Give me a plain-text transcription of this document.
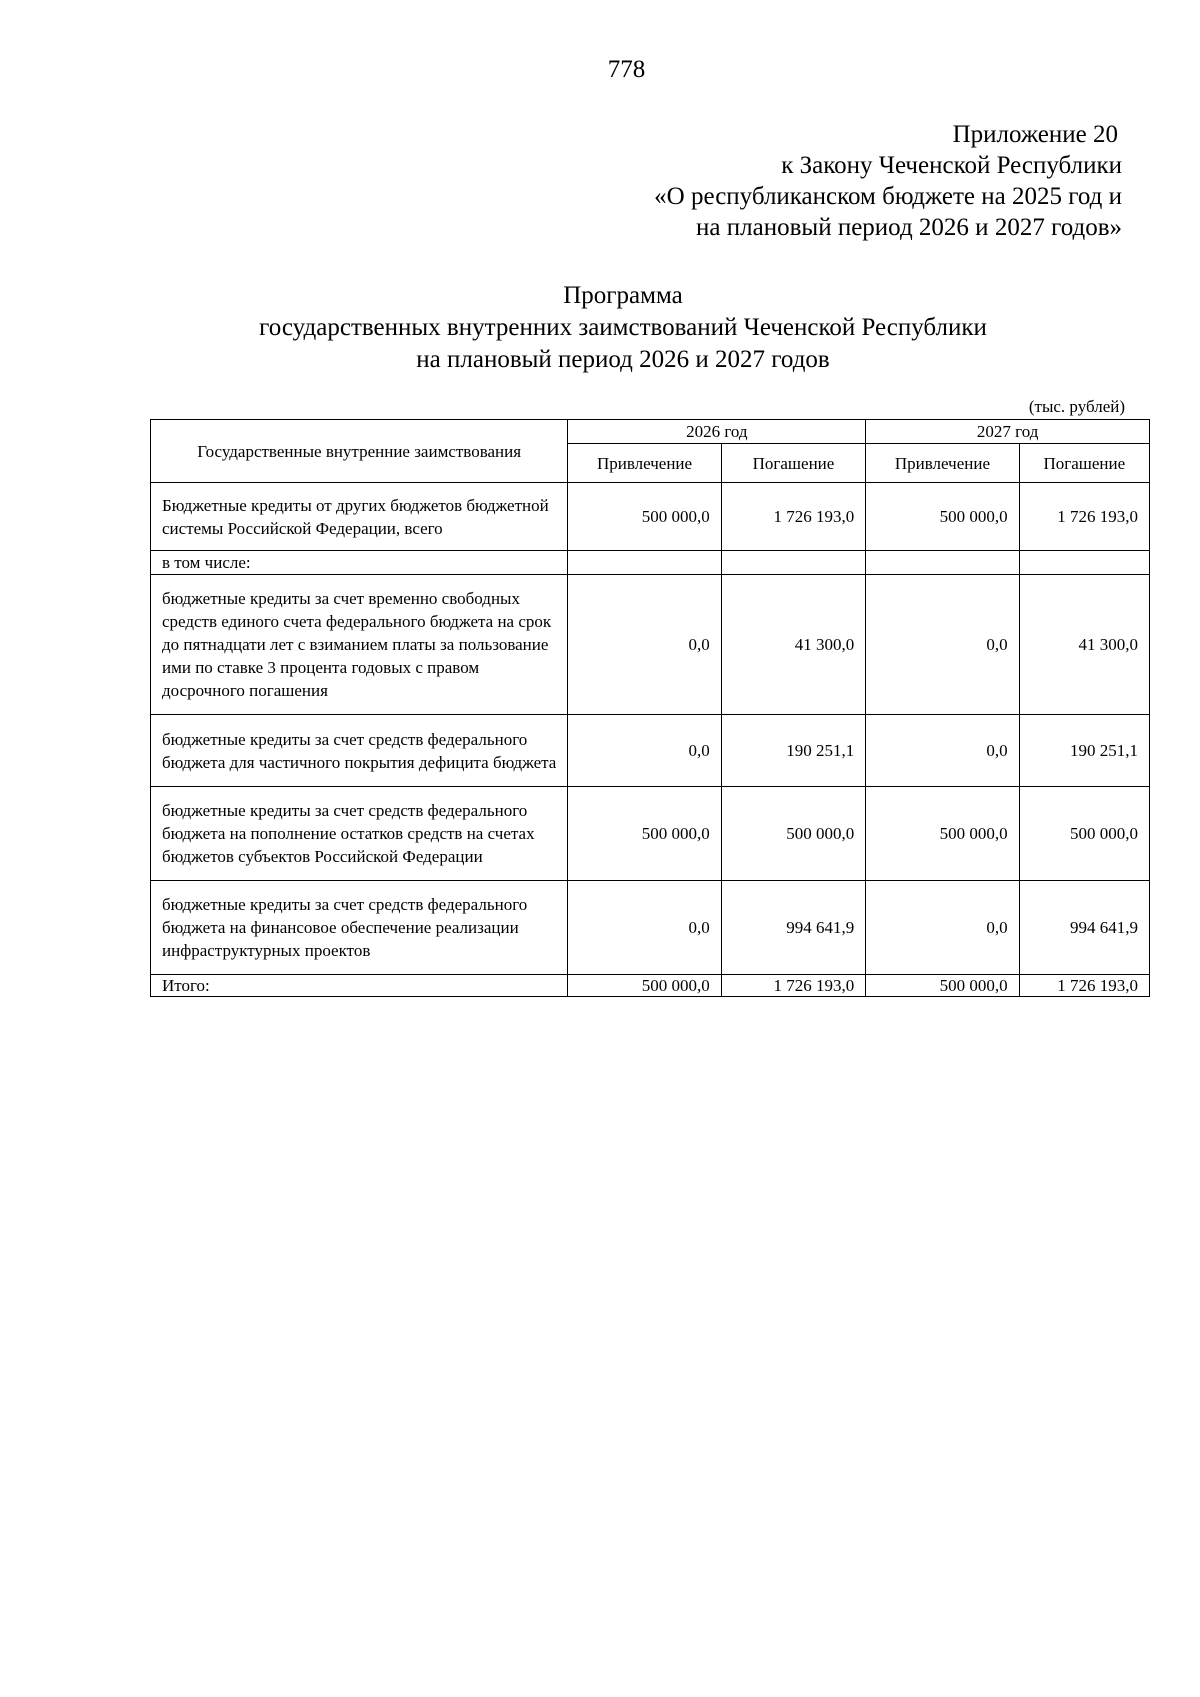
778
Приложение 20
к Закону Чеченской Республики
«О республиканском бюджете на 2025 год и
на плановый период 2026 и 2027 годов»
Программа
государственных внутренних заимствований Чеченской Республики
на плановый период 2026 и 2027 годов
(тыс. рублей)
Государственные внутренние заимствования	2026 год		2027 год	
	Привлечение	Погашение	Привлечение	Погашение
Бюджетные кредиты от других бюджетов бюджетной системы Российской Федерации, всего	500 000,0	1 726 193,0	500 000,0	1 726 193,0
в том числе:				
бюджетные кредиты за счет временно свободных средств единого счета федерального бюджета на срок до пятнадцати лет с взиманием платы за пользование ими по ставке 3 процента годовых с правом досрочного погашения	0,0	41 300,0	0,0	41 300,0
бюджетные кредиты за счет средств федерального бюджета для частичного покрытия дефицита бюджета	0,0	190 251,1	0,0	190 251,1
бюджетные кредиты за счет средств федерального бюджета на пополнение остатков средств на счетах бюджетов субъектов Российской Федерации	500 000,0	500 000,0	500 000,0	500 000,0
бюджетные кредиты за счет средств федерального бюджета на финансовое обеспечение реализации инфраструктурных проектов	0,0	994 641,9	0,0	994 641,9
Итого:	500 000,0	1 726 193,0	500 000,0	1 726 193,0
